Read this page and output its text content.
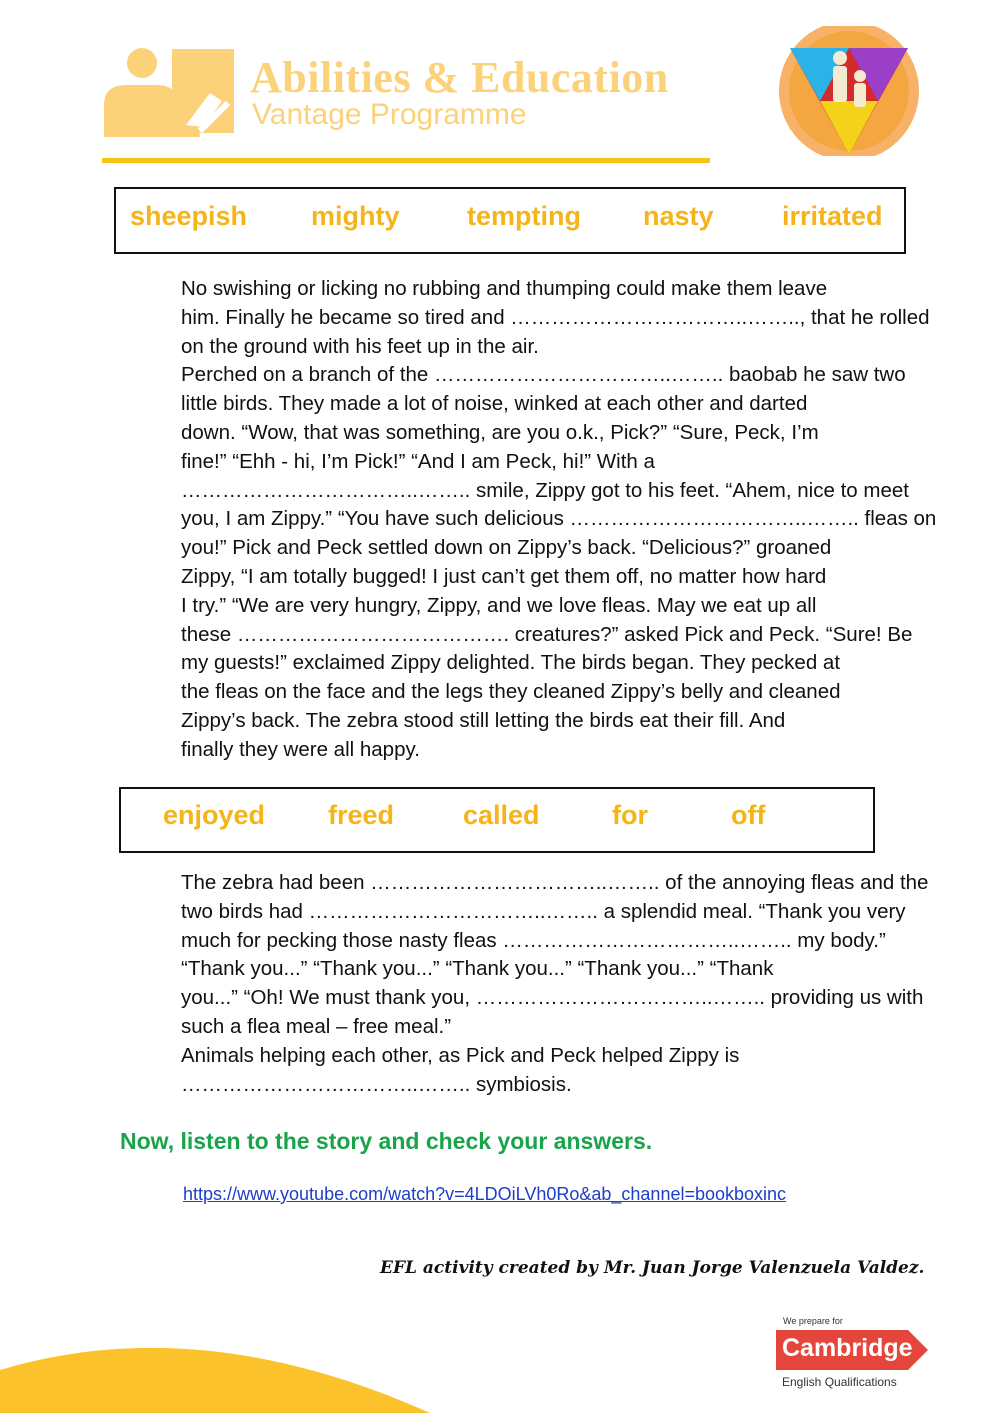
Abilities & Education
Vantage Programme
sheepish mighty tempting nasty	irritated
No swishing or licking no rubbing and thumping could make them leave
him. Finally he became so tired and ……………………………..…….., that he rolled
on the ground with his feet up in the air.
Perched on a branch of the ……………………………..…….. baobab he saw two
little birds. They made a lot of noise, winked at each other and darted
down. “Wow, that was something, are you o.k., Pick?” “Sure, Peck, I’m
fine!” “Ehh - hi, I’m Pick!” “And I am Peck, hi!” With a
……………………………..…….. smile, Zippy got to his feet. “Ahem, nice to meet
you, I am Zippy.” “You have such delicious ……………………………..…….. fleas on
you!” Pick and Peck settled down on Zippy’s back. “Delicious?” groaned
Zippy, “I am totally bugged! I just can’t get them off, no matter how hard
I try.” “We are very hungry, Zippy, and we love fleas. May we eat up all
these …………………………………. creatures?” asked Pick and Peck. “Sure! Be
my guests!” exclaimed Zippy delighted. The birds began. They pecked at
the fleas on the face and the legs they cleaned Zippy’s belly and cleaned
Zippy’s back. The zebra stood still letting the birds eat their fill. And
finally they were all happy.
enjoyed freed	called	for	off
The zebra had been ……………………………..…….. of the annoying fleas and the
two birds had ……………………………..…….. a splendid meal. “Thank you very
much for pecking those nasty fleas ……………………………..…….. my body.”
“Thank you...” “Thank you...” “Thank you...” “Thank you...” “Thank
you...” “Oh! We must thank you, ……………………………..…….. providing us with
such a flea meal – free meal.”
Animals helping each other, as Pick and Peck helped Zippy is
……………………………..…….. symbiosis.
Now, listen to the story and check your answers.
https://www.youtube.com/watch?v=4LDOiLVh0Ro&ab_channel=bookboxinc
EFL activity created by Mr. Juan Jorge Valenzuela Valdez.
We prepare for
Cambridge
English Qualifications
